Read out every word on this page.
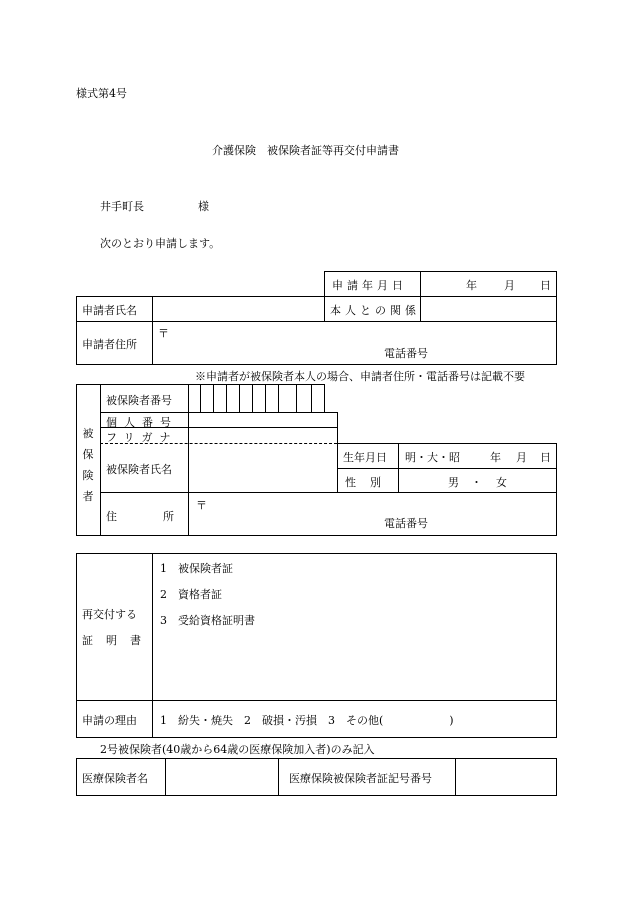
様式第4号
介護保険　被保険者証等再交付申請書
井手町長	様
次のとおり申請します。
申請年月日	年 月 日
申請者氏名	本人との関係
申請者住所
〒
電話番号
※申請者が被保険者本人の場合、申請者住所・電話番号は記載不要
被保険者
被保険者番号
個人番号
フリガナ
被保険者氏名
生年月日 明・大・昭	年 月 日
性別	男 ・ 女
住所
〒
電話番号
再交付する
証明書
1　被保険者証
2　資格者証
3　受給資格証明書
申請の理由 1　紛失・焼失　2　破損・汚損　3　その他(　　　　　　)
2号被保険者(40歳から64歳の医療保険加入者)のみ記入
医療保険者名	医療保険被保険者証記号番号
